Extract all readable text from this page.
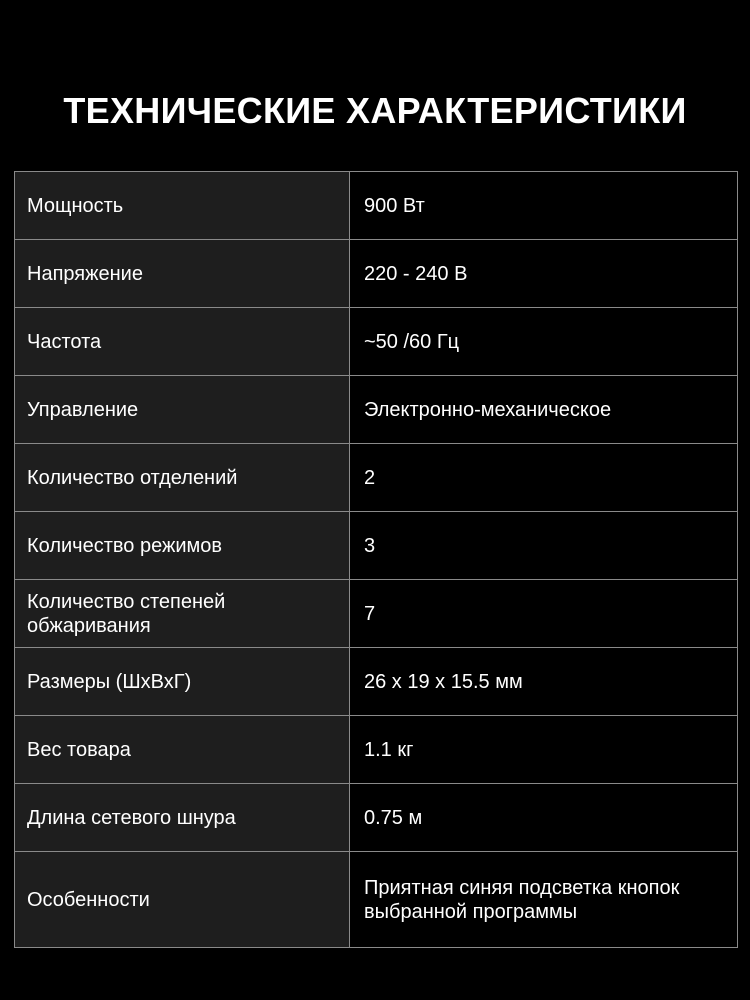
ТЕХНИЧЕСКИЕ ХАРАКТЕРИСТИКИ
Мощность	900 Вт
Напряжение	220 - 240 В
Частота	~50 /60 Гц
Управление	Электронно-механическое
Количество отделений	2
Количество режимов	3
Количество степеней обжаривания	7
Размеры (ШхВхГ)	26 х 19 х 15.5 мм
Вес товара	1.1 кг
Длина сетевого шнура	0.75 м
Особенности	Приятная синяя подсветка кнопок выбранной программы
